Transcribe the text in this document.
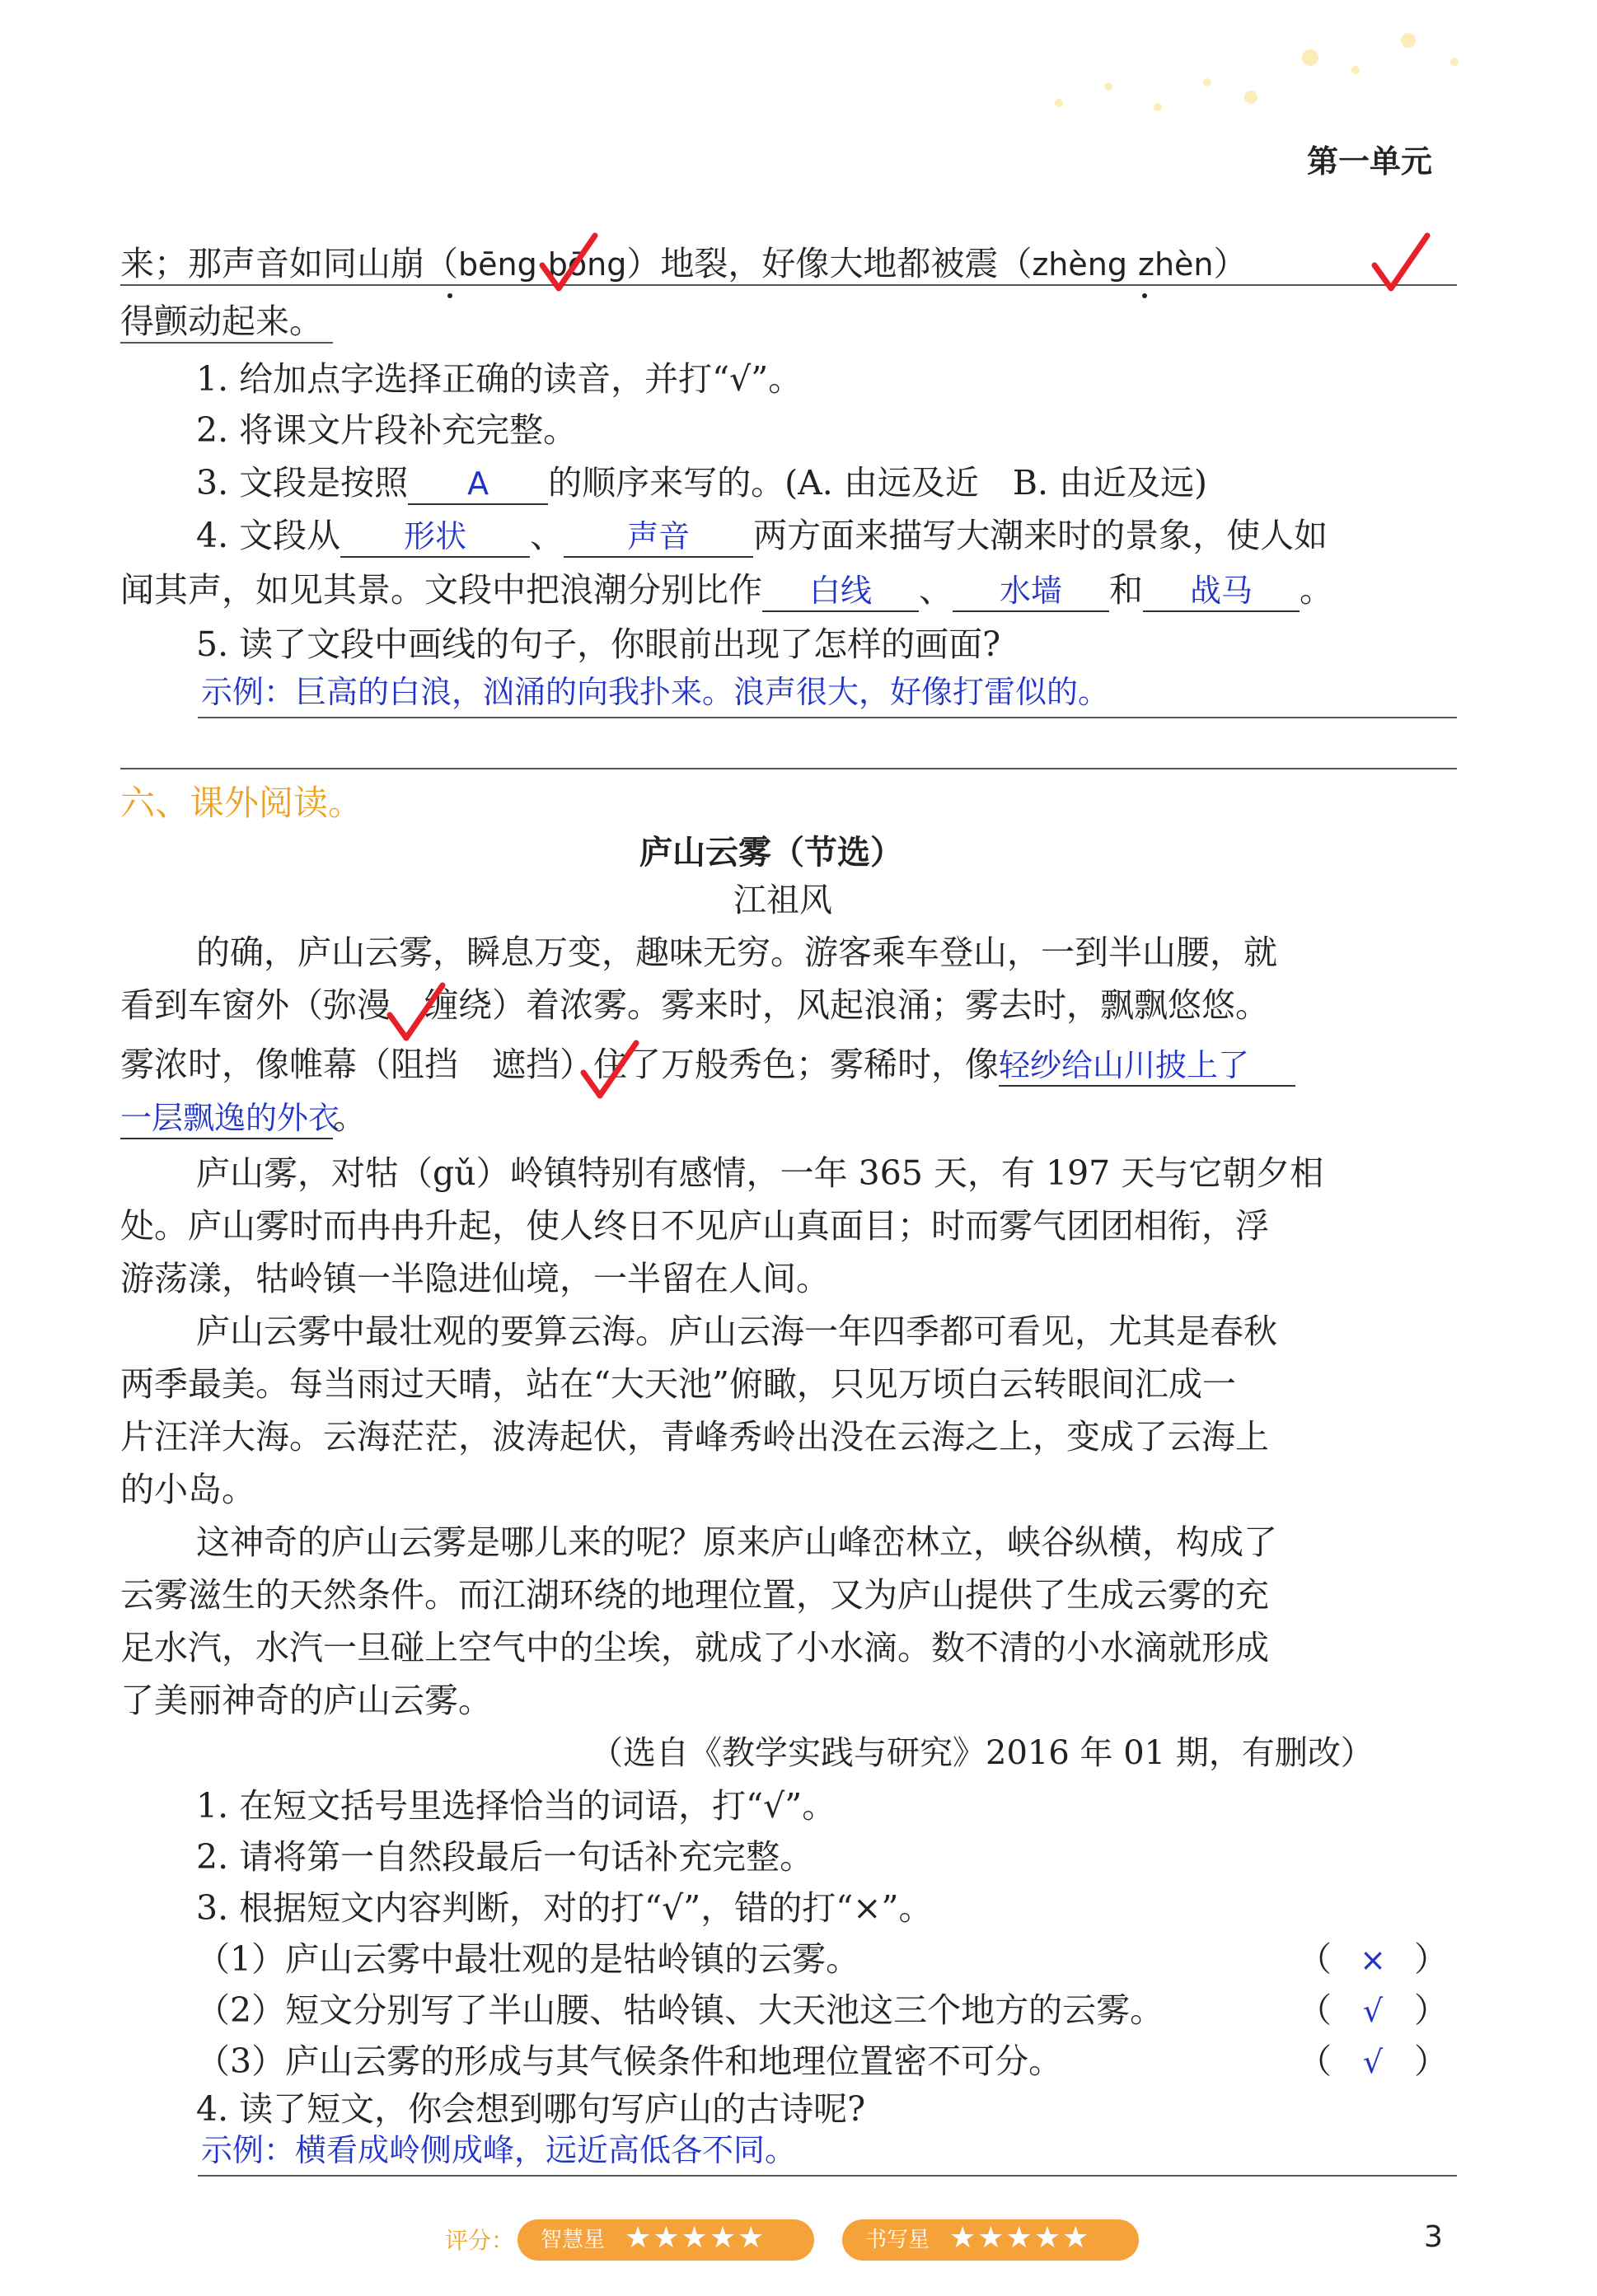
第一单元
来；那声音如同山崩（bēng bōng）地裂，好像大地都被震（zhèng zhèn）
得颤动起来。
1. 给加点字选择正确的读音，并打“√”。
2. 将课文片段补充完整。
3. 文段是按照 A 的顺序来写的。(A. 由远及近　B. 由近及远)
4. 文段从 形状 、 声音 两方面来描写大潮来时的景象，使人如
闻其声，如见其景。文段中把浪潮分别比作 白线 、 水墙 和 战马 。
5. 读了文段中画线的句子，你眼前出现了怎样的画面?
示例：巨高的白浪，汹涌的向我扑来。浪声很大，好像打雷似的。
六、课外阅读。
庐山云雾（节选）
江祖风
的确，庐山云雾，瞬息万变，趣味无穷。游客乘车登山，一到半山腰，就
看到车窗外（弥漫　缠绕）着浓雾。雾来时，风起浪涌；雾去时，飘飘悠悠。
雾浓时，像帷幕（阻挡　遮挡）住了万般秀色；雾稀时，像轻纱给山川披上了
一层飘逸的外衣。
庐山雾，对牯（gǔ）岭镇特别有感情，一年 365 天，有 197 天与它朝夕相
处。庐山雾时而冉冉升起，使人终日不见庐山真面目；时而雾气团团相衔，浮
游荡漾，牯岭镇一半隐进仙境，一半留在人间。
庐山云雾中最壮观的要算云海。庐山云海一年四季都可看见，尤其是春秋
两季最美。每当雨过天晴，站在“大天池”俯瞰，只见万顷白云转眼间汇成一
片汪洋大海。云海茫茫，波涛起伏，青峰秀岭出没在云海之上，变成了云海上
的小岛。
这神奇的庐山云雾是哪儿来的呢？原来庐山峰峦林立，峡谷纵横，构成了
云雾滋生的天然条件。而江湖环绕的地理位置，又为庐山提供了生成云雾的充
足水汽，水汽一旦碰上空气中的尘埃，就成了小水滴。数不清的小水滴就形成
了美丽神奇的庐山云雾。
（选自《教学实践与研究》2016 年 01 期，有删改）
1. 在短文括号里选择恰当的词语，打“√”。
2. 请将第一自然段最后一句话补充完整。
3. 根据短文内容判断，对的打“√”，错的打“×”。
（1）庐山云雾中最壮观的是牯岭镇的云雾。	（ × ）
（2）短文分别写了半山腰、牯岭镇、大天池这三个地方的云雾。	（ √ ）
（3）庐山云雾的形成与其气候条件和地理位置密不可分。	（ √ ）
4. 读了短文，你会想到哪句写庐山的古诗呢?
示例：横看成岭侧成峰，远近高低各不同。
评分： 智慧星 ★★★★★	书写星 ★★★★★	3
